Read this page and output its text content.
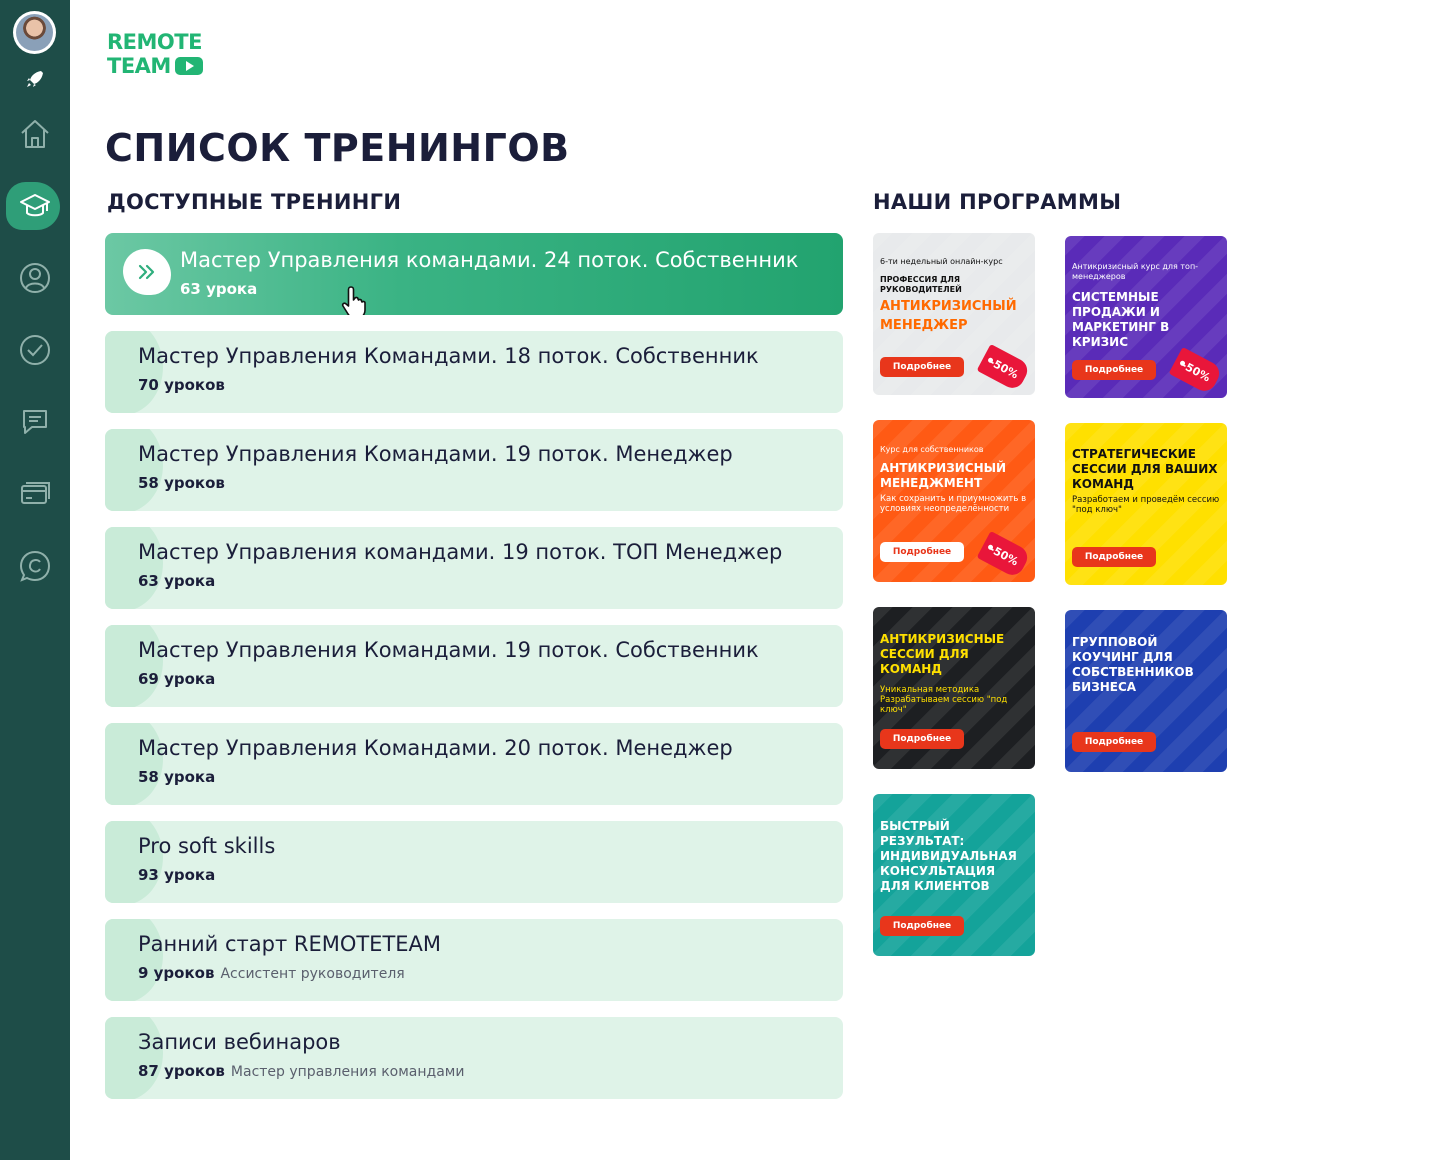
REMOTE
TEAM
СПИСОК ТРЕНИНГОВ
ДОСТУПНЫЕ ТРЕНИНГИ	НАШИ ПРОГРАММЫ
Мастер Управления командами. 24 поток. Собственник
63 урока
Мастер Управления Командами. 18 поток. Собственник
70 уроков
Мастер Управления Командами. 19 поток. Менеджер
58 уроков
Мастер Управления командами. 19 поток. ТОП Менеджер
63 урока
Мастер Управления Командами. 19 поток. Собственник
69 урока
Мастер Управления Командами. 20 поток. Менеджер
58 урока
Pro soft skills
93 урока
Ранний старт REMOTETEAM
9 уроков Ассистент руководителя
Записи вебинаров
87 уроков Мастер управления командами
6-ти недельный онлайн-курс
ПРОФЕССИЯ ДЛЯ РУКОВОДИТЕЛЕЙ
АНТИКРИЗИСНЫЙ МЕНЕДЖЕР
Подробнее	-50%
Антикризисный курс для топ-менеджеров
СИСТЕМНЫЕ ПРОДАЖИ И МАРКЕТИНГ В КРИЗИС
Подробнее	-50%
Курс для собственников
АНТИКРИЗИСНЫЙ МЕНЕДЖМЕНТ
Как сохранить и приумножить в условиях неопределённости
Подробнее	-50%
СТРАТЕГИЧЕСКИЕ СЕССИИ ДЛЯ ВАШИХ КОМАНД
Разработаем и проведём сессию "под ключ"
Подробнее
АНТИКРИЗИСНЫЕ СЕССИИ ДЛЯ КОМАНД
Уникальная методика Разрабатываем сессию "под ключ"
Подробнее
ГРУППОВОЙ КОУЧИНГ ДЛЯ СОБСТВЕННИКОВ БИЗНЕСА
Подробнее
БЫСТРЫЙ РЕЗУЛЬТАТ: ИНДИВИДУАЛЬНАЯ КОНСУЛЬТАЦИЯ ДЛЯ КЛИЕНТОВ
Подробнее
